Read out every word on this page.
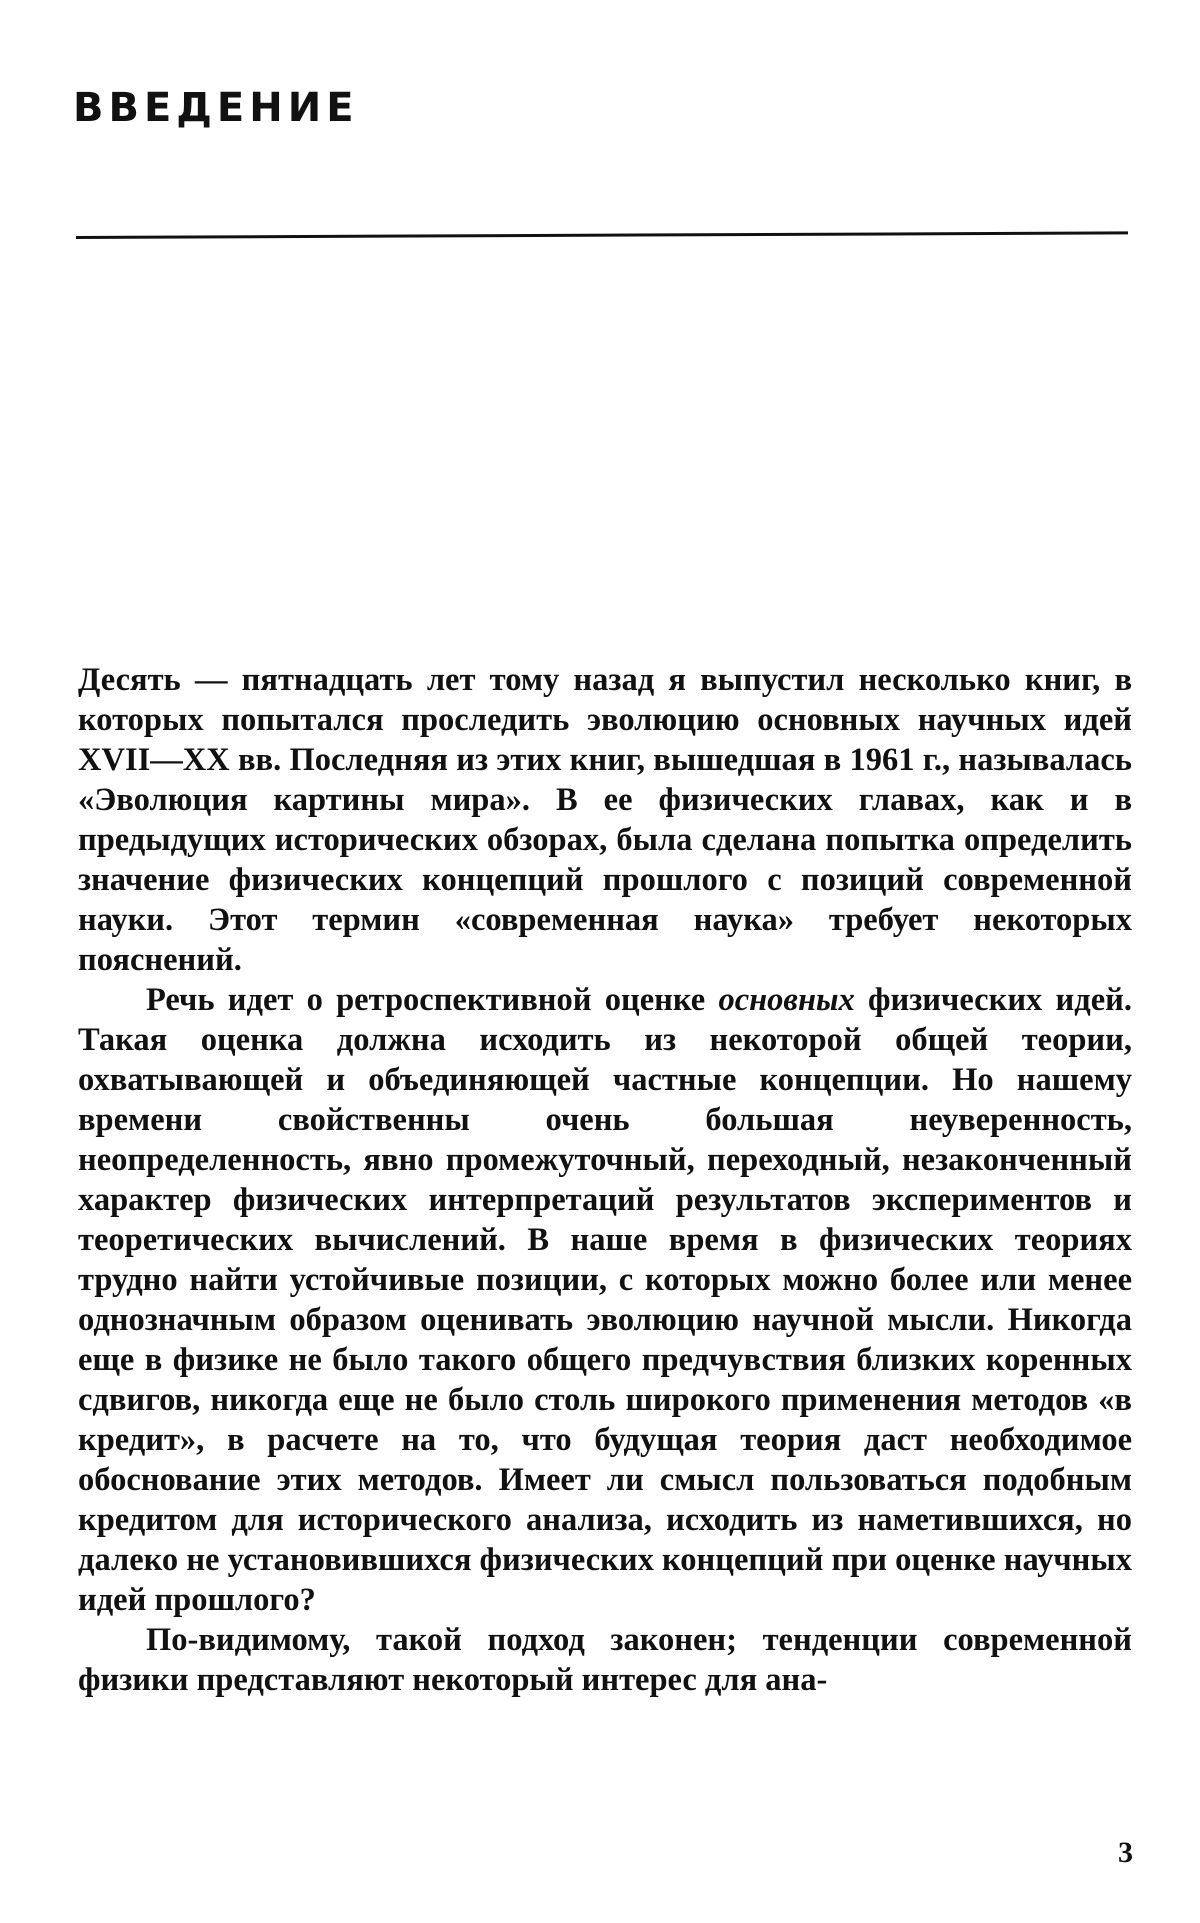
ВВЕДЕНИЕ

Десять — пятнадцать лет тому назад я выпустил несколько книг, в которых попытался проследить эволюцию основных научных идей XVII—XX вв. Последняя из этих книг, вышедшая в 1961 г., называлась «Эволюция картины мира». В ее физических главах, как и в предыдущих исторических обзорах, была сделана попытка определить значение физических концепций прошлого с позиций современной науки. Этот термин «современная наука» требует некоторых пояснений.

Речь идет о ретроспективной оценке основных физических идей. Такая оценка должна исходить из некоторой общей теории, охватывающей и объединяющей частные концепции. Но нашему времени свойственны очень большая неуверенность, неопределенность, явно промежуточный, переходный, незаконченный характер физических интерпретаций результатов экспериментов и теоретических вычислений. В наше время в физических теориях трудно найти устойчивые позиции, с которых можно более или менее однозначным образом оценивать эволюцию научной мысли. Никогда еще в физике не было такого общего предчувствия близких коренных сдвигов, никогда еще не было столь широкого применения методов «в кредит», в расчете на то, что будущая теория даст необходимое обоснование этих методов. Имеет ли смысл пользоваться подобным кредитом для исторического анализа, исходить из наметившихся, но далеко не установившихся физических концепций при оценке научных идей прошлого?

По-видимому, такой подход законен; тенденции современной физики представляют некоторый интерес для ана-

3
